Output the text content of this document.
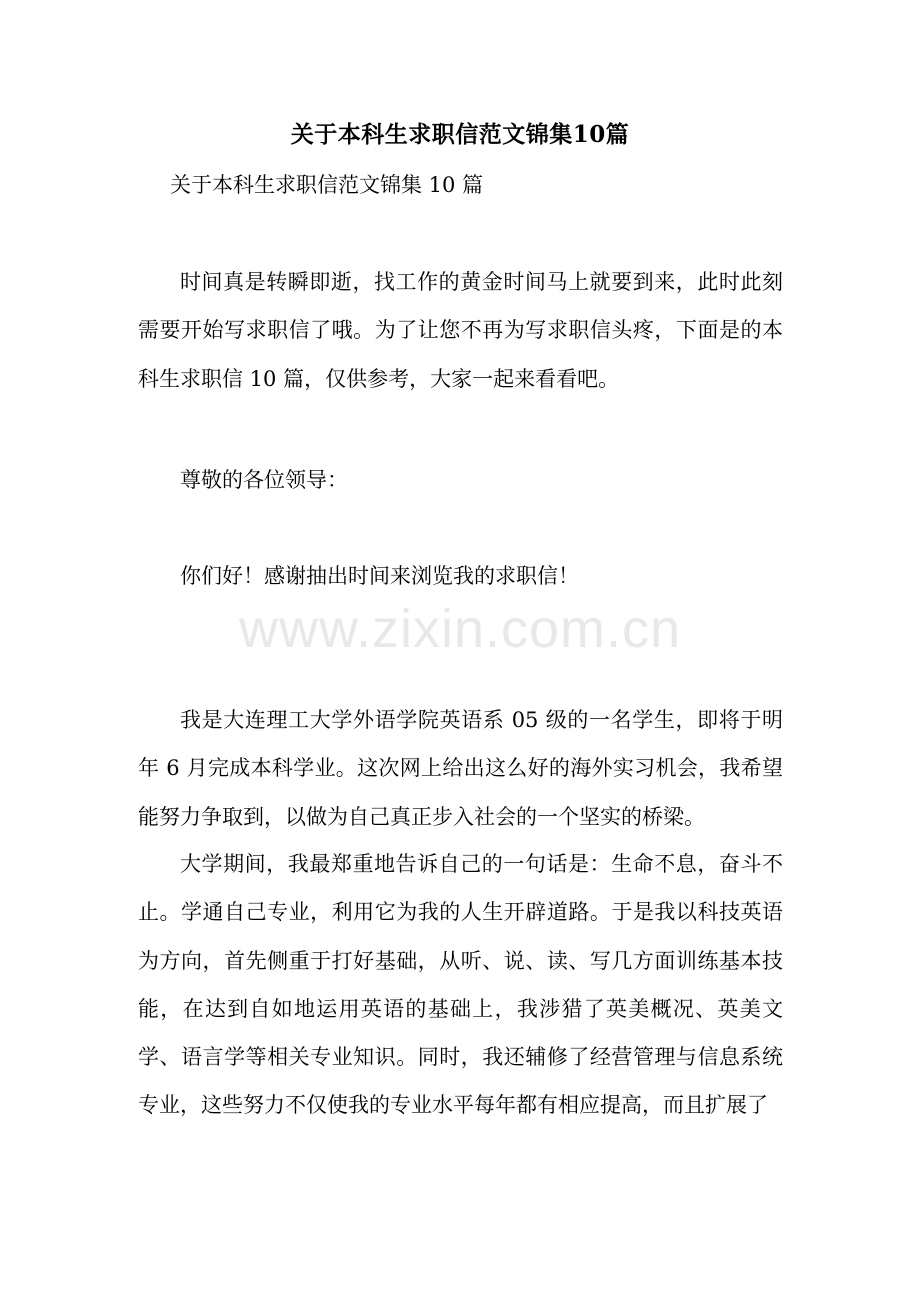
关于本科生求职信范文锦集10篇
关于本科生求职信范文锦集 10 篇

时间真是转瞬即逝，找工作的黄金时间马上就要到来，此时此刻需要开始写求职信了哦。为了让您不再为写求职信头疼，下面是的本科生求职信 10 篇，仅供参考，大家一起来看看吧。

尊敬的各位领导：

你们好！感谢抽出时间来浏览我的求职信！

我是大连理工大学外语学院英语系 05 级的一名学生，即将于明年 6 月完成本科学业。这次网上给出这么好的海外实习机会，我希望能努力争取到，以做为自己真正步入社会的一个坚实的桥梁。

大学期间，我最郑重地告诉自己的一句话是：生命不息，奋斗不止。学通自己专业，利用它为我的人生开辟道路。于是我以科技英语为方向，首先侧重于打好基础，从听、说、读、写几方面训练基本技能，在达到自如地运用英语的基础上，我涉猎了英美概况、英美文学、语言学等相关专业知识。同时，我还辅修了经营管理与信息系统专业，这些努力不仅使我的专业水平每年都有相应提高，而且扩展了

www.zixin.com.cn
